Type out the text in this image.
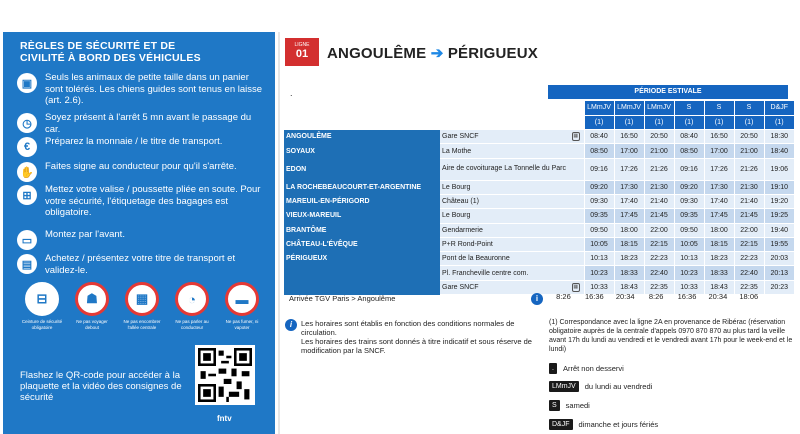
RÈGLES DE SÉCURITÉ ET DE
CIVILITÉ À BORD DES VÉHICULES
▣	Seuls les animaux de petite taille dans un panier sont tolérés. Les chiens guides sont tenus en laisse (art. 2.6).
◷	Soyez présent à l'arrêt 5 mn avant le passage du car.
€	Préparez la monnaie / le titre de transport.
✋	Faites signe au conducteur pour qu'il s'arrête.
⊞	Mettez votre valise / poussette pliée en soute. Pour votre sécurité, l'étiquetage des bagages est obligatoire.
▭	Montez par l'avant.
▤	Achetez / présentez votre titre de transport et validez-le.
⊟
Ceinture de sécurité obligatoire
☗
Ne pas voyager debout
▦
Ne pas encombrer l'allée centrale
◔
Ne pas parler au conducteur
▬
Ne pas fumer, ni vapoter
Flashez le QR-code pour accéder à la plaquette et la vidéo des consignes de sécurité
fntv
LIGNE
01	ANGOULÊME ➔ PÉRIGUEUX
.	PÉRIODE ESTIVALE
			LMmJV	LMmJV	LMmJV	S	S	S	D&JF
			(1)	(1)	(1)	(1)	(1)	(1)	(1)
ANGOULÊME	Gare SNCF	▦	08:40	16:50	20:50	08:40	16:50	20:50	18:30
SOYAUX	La Mothe		08:50	17:00	21:00	08:50	17:00	21:00	18:40
EDON	Aire de covoiturage La Tonnelle du Parc		09:16	17:26	21:26	09:16	17:26	21:26	19:06
LA ROCHEBEAUCOURT-ET-ARGENTINE	Le Bourg		09:20	17:30	21:30	09:20	17:30	21:30	19:10
MAREUIL-EN-PÉRIGORD	Château (1)		09:30	17:40	21:40	09:30	17:40	21:40	19:20
VIEUX-MAREUIL	Le Bourg		09:35	17:45	21:45	09:35	17:45	21:45	19:25
BRANTÔME	Gendarmerie		09:50	18:00	22:00	09:50	18:00	22:00	19:40
CHÂTEAU-L'ÉVÊQUE	P+R Rond-Point		10:05	18:15	22:15	10:05	18:15	22:15	19:55
PÉRIGUEUX	Pont de la Beauronne		10:13	18:23	22:23	10:13	18:23	22:23	20:03
	Pl. Francheville centre com.		10:23	18:33	22:40	10:23	18:33	22:40	20:13
	Gare SNCF	▦	10:33	18:43	22:35	10:33	18:43	22:35	20:23
Arrivée TGV Paris > Angoulême	i	8:26	16:36	20:34	8:26	16:36	20:34	18:06
i	Les horaires sont établis en fonction des conditions normales de circulation.
Les horaires des trains sont donnés à titre indicatif et sous réserve de modification par la SNCF.
(1) Correspondance avec la ligne 2A en provenance de Ribérac (réservation obligatoire auprès de la centrale d'appels 0970 870 870 au plus tard la veille avant 17h du lundi au vendredi et le vendredi avant 17h pour le week-end et le lundi)
.	Arrêt non desservi
LMmJV	du lundi au vendredi
S	samedi
D&JF	dimanche et jours fériés
